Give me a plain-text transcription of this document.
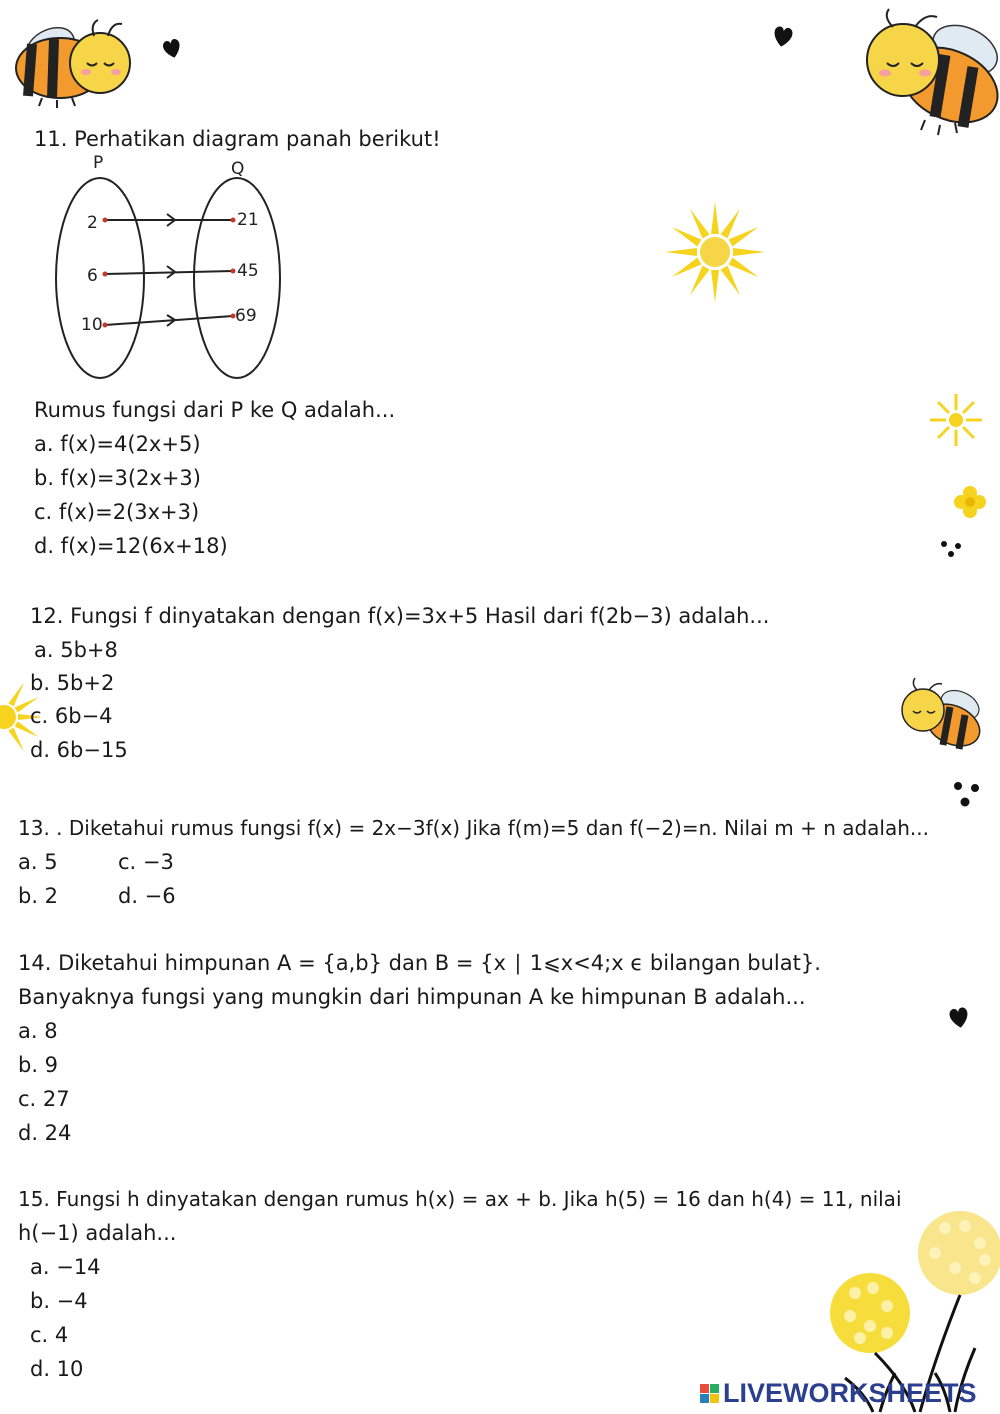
11. Perhatikan diagram panah berikut!
P	Q
2
6
10
21
45
69
Rumus fungsi dari P ke Q adalah...
a. f(x)=4(2x+5)
b. f(x)=3(2x+3)
c. f(x)=2(3x+3)
d. f(x)=12(6x+18)
12. Fungsi f dinyatakan dengan f(x)=3x+5 Hasil dari f(2b−3) adalah...
a. 5b+8
b. 5b+2
c. 6b−4
d. 6b−15
13. . Diketahui rumus fungsi f(x) = 2x−3f(x) Jika f(m)=5 dan f(−2)=n. Nilai m + n adalah...
a. 5	c. −3
b. 2	d. −6
14. Diketahui himpunan A = {a,b} dan B = {x ∣ 1⩽x<4;x ϵ bilangan bulat}.
Banyaknya fungsi yang mungkin dari himpunan A ke himpunan B adalah...
a. 8
b. 9
c. 27
d. 24
15. Fungsi h dinyatakan dengan rumus h(x) = ax + b. Jika h(5) = 16 dan h(4) = 11, nilai
h(−1) adalah...
a. −14
b. −4
c. 4
d. 10
LIVEWORKSHEETS
